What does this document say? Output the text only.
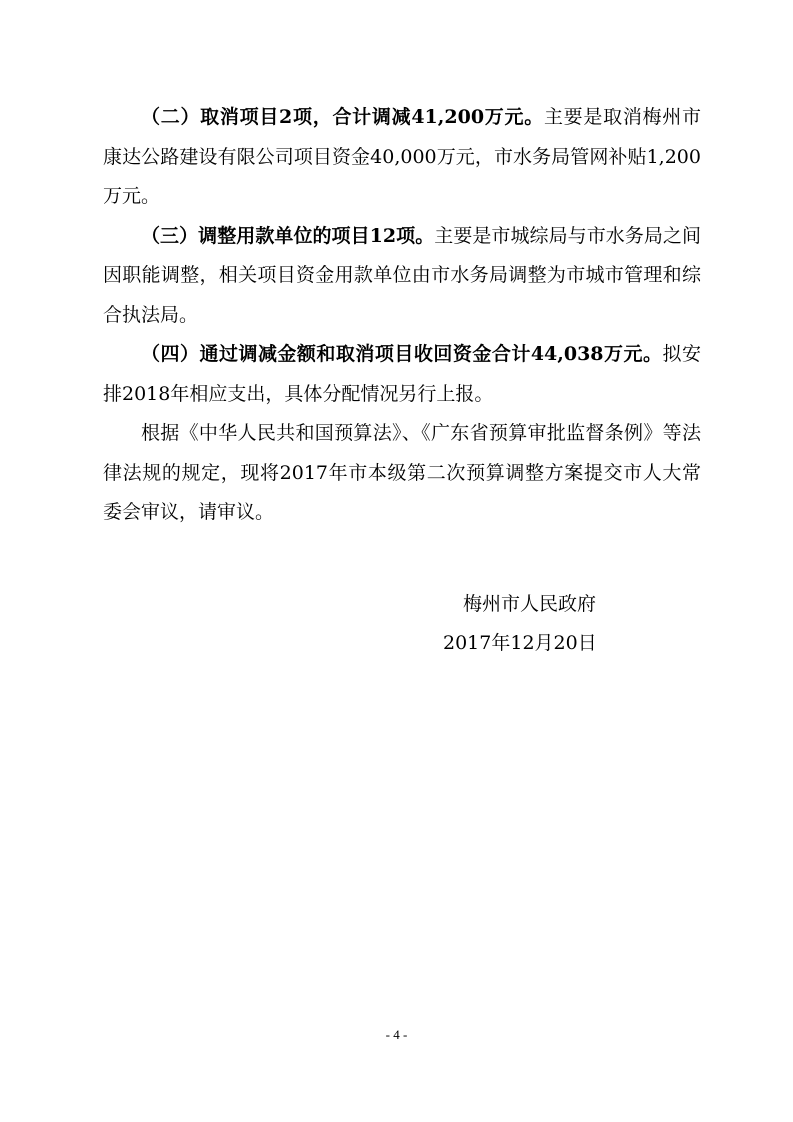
（二）取消项目2项，合计调减41,200万元。主要是取消梅州市康达公路建设有限公司项目资金40,000万元，市水务局管网补贴1,200万元。

（三）调整用款单位的项目12项。主要是市城综局与市水务局之间因职能调整，相关项目资金用款单位由市水务局调整为市城市管理和综合执法局。

（四）通过调减金额和取消项目收回资金合计44,038万元。拟安排2018年相应支出，具体分配情况另行上报。

根据《中华人民共和国预算法》、《广东省预算审批监督条例》等法律法规的规定，现将2017年市本级第二次预算调整方案提交市人大常委会审议，请审议。

梅州市人民政府
2017年12月20日
- 4 -
